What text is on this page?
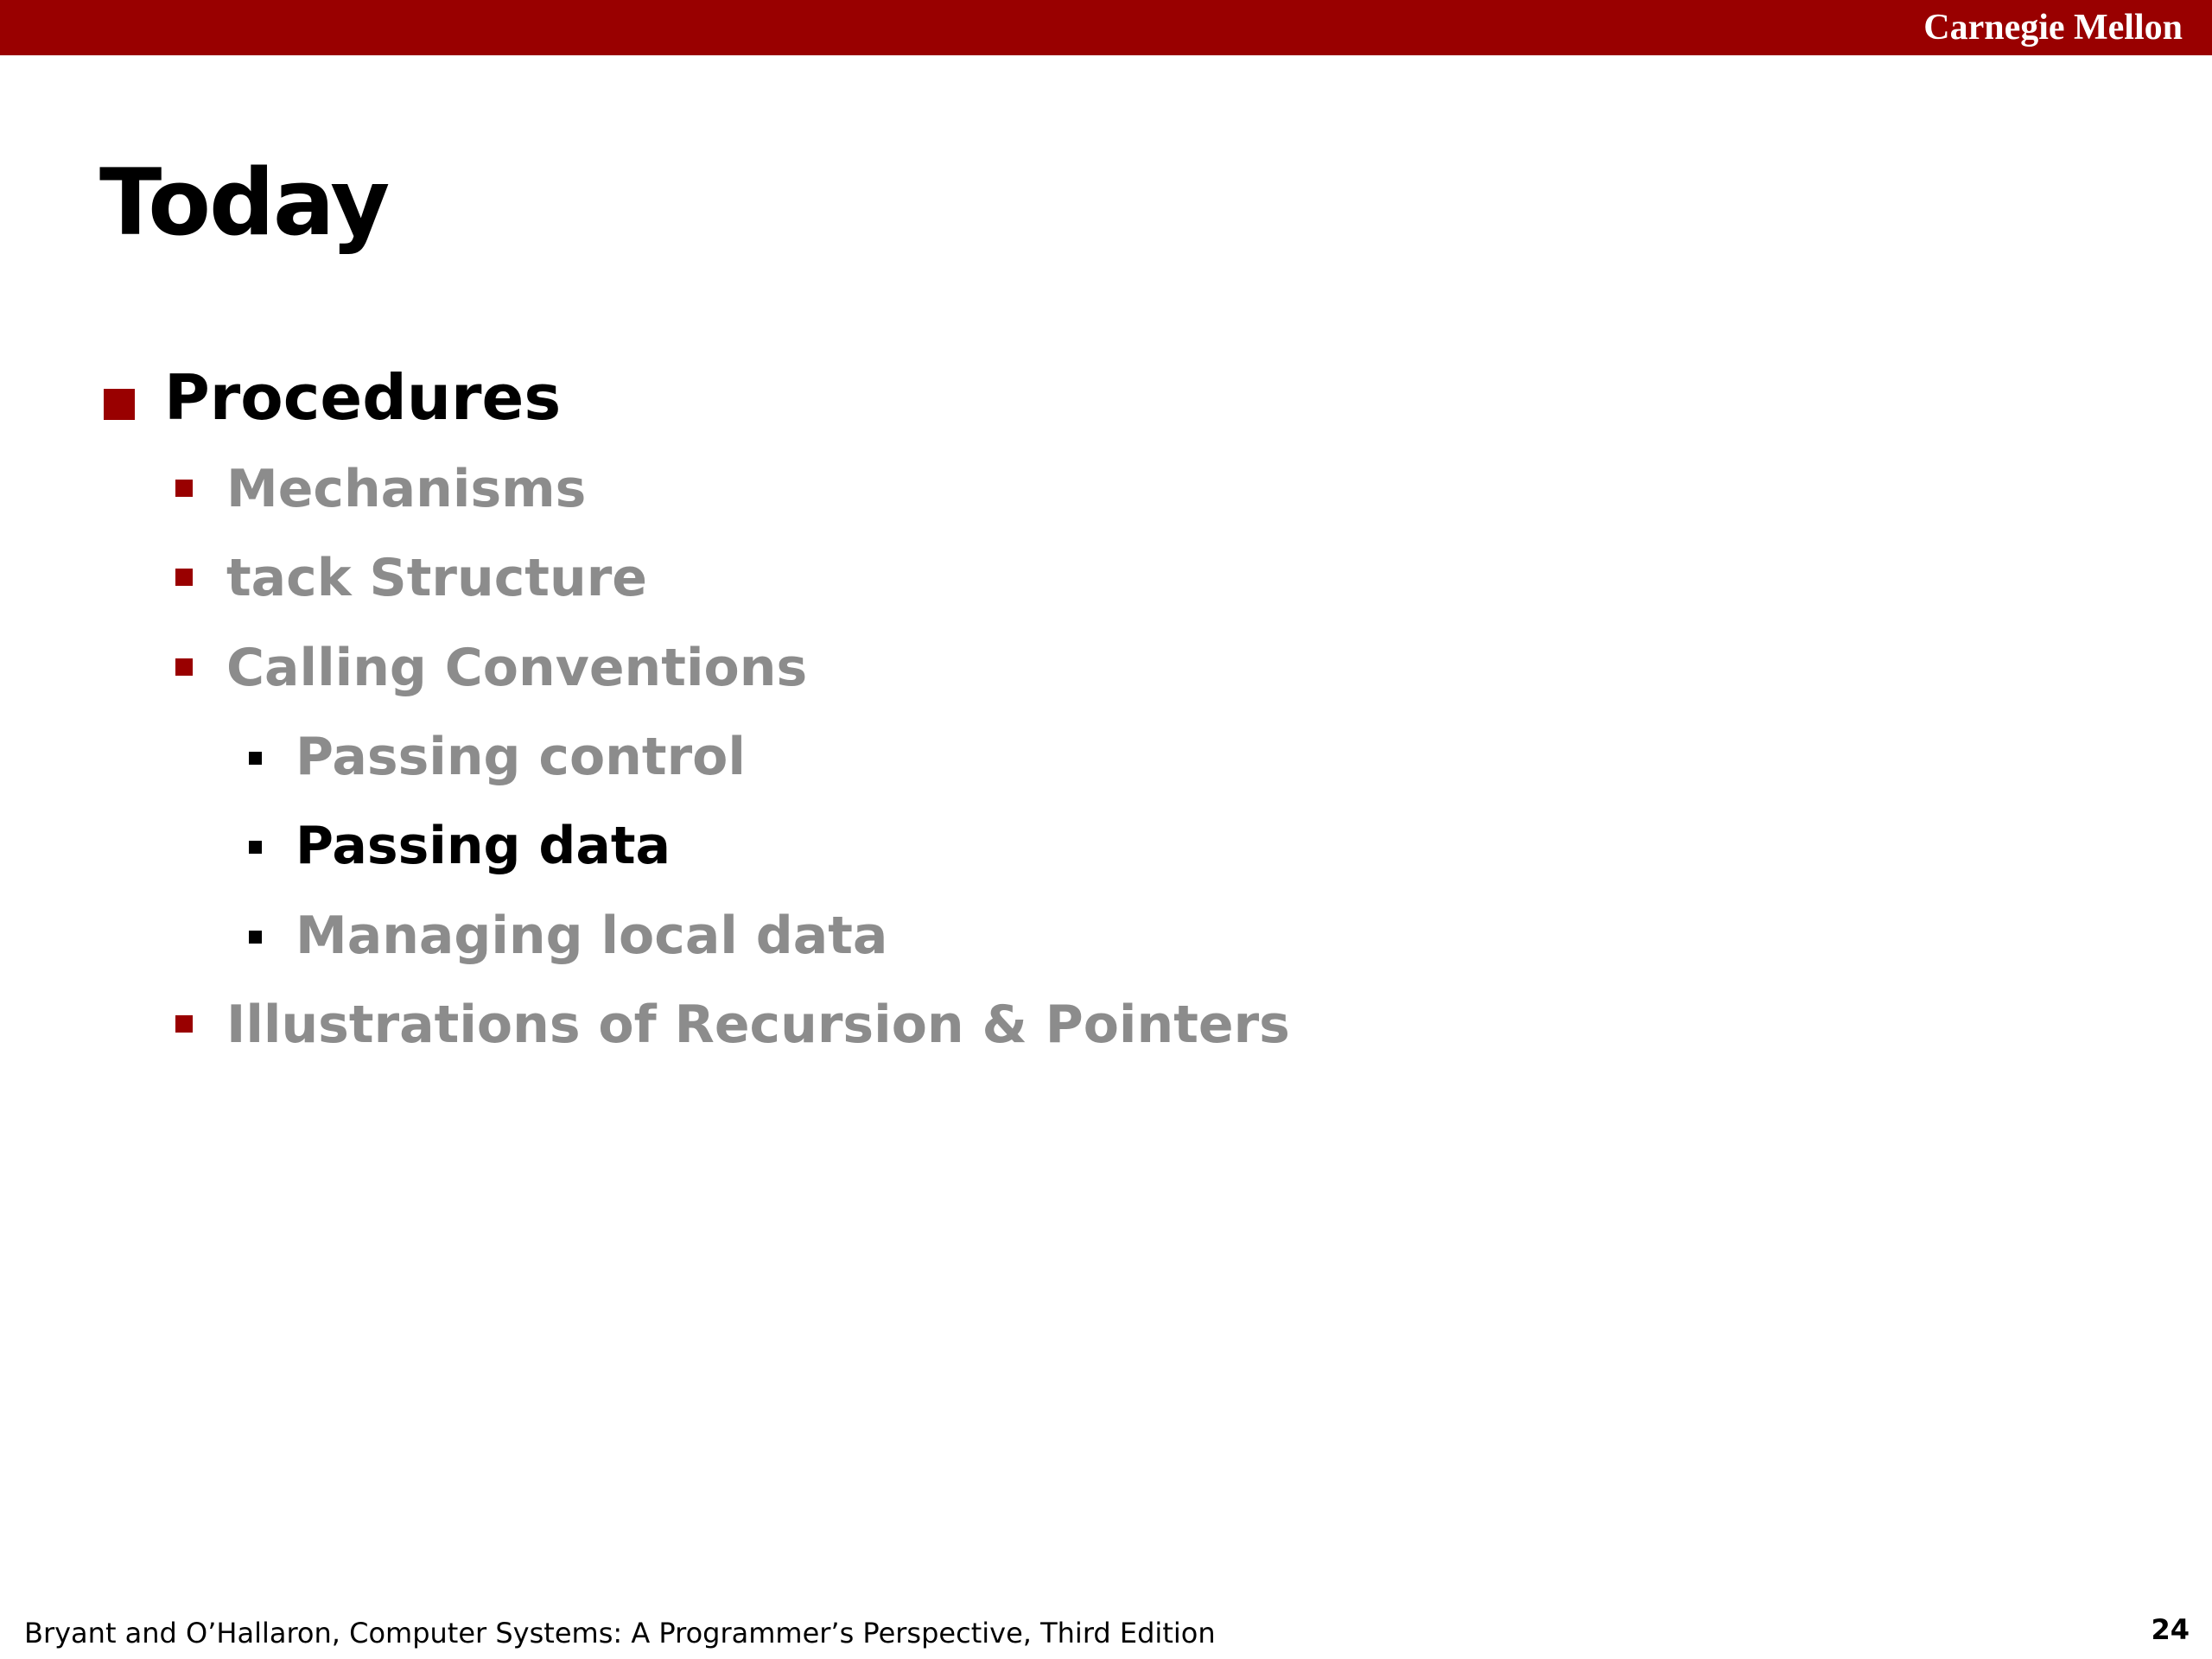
Carnegie Mellon
Today
Procedures
Mechanisms
tack Structure
Calling Conventions
Passing control
Passing data
Managing local data
Illustrations of Recursion & Pointers
Bryant and O’Hallaron, Computer Systems: A Programmer’s Perspective, Third Edition	24
